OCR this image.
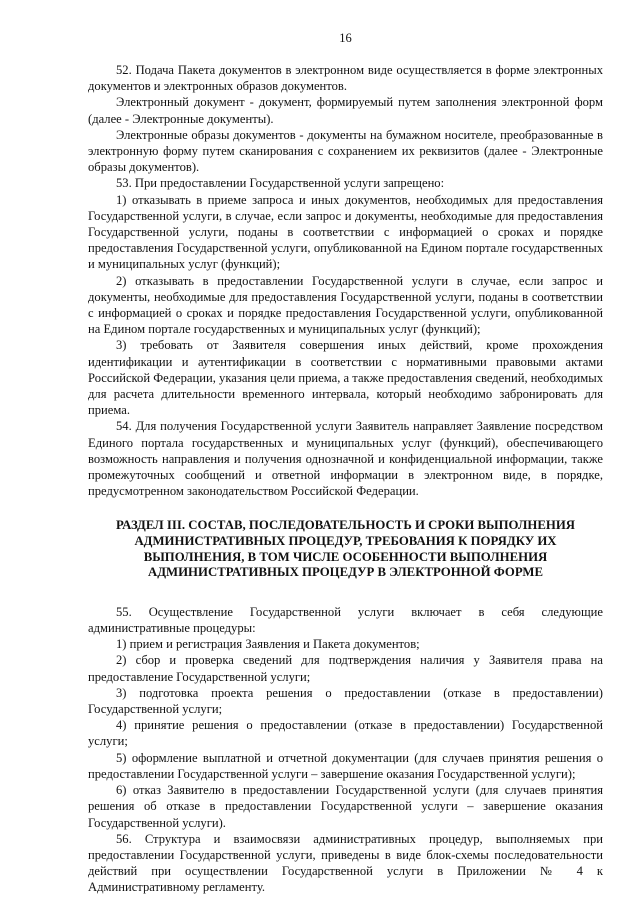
16

52. Подача Пакета документов в электронном виде осуществляется в форме электронных документов и электронных образов документов.

Электронный документ - документ, формируемый путем заполнения электронной форм (далее - Электронные документы).

Электронные образы документов - документы на бумажном носителе, преобразованные в электронную форму путем сканирования с сохранением их реквизитов (далее - Электронные образы документов).

53. При предоставлении Государственной услуги запрещено:

1) отказывать в приеме запроса и иных документов, необходимых для предоставления Государственной услуги, в случае, если запрос и документы, необходимые для предоставления Государственной услуги, поданы в соответствии с информацией о сроках и порядке предоставления Государственной услуги, опубликованной на Едином портале государственных и муниципальных услуг (функций);

2) отказывать в предоставлении Государственной услуги в случае, если запрос и документы, необходимые для предоставления Государственной услуги, поданы в соответствии с информацией о сроках и порядке предоставления Государственной услуги, опубликованной на Едином портале государственных и муниципальных услуг (функций);

3) требовать от Заявителя совершения иных действий, кроме прохождения идентификации и аутентификации в соответствии с нормативными правовыми актами Российской Федерации, указания цели приема, а также предоставления сведений, необходимых для расчета длительности временного интервала, который необходимо забронировать для приема.

54. Для получения Государственной услуги Заявитель направляет Заявление посредством Единого портала государственных и муниципальных услуг (функций), обеспечивающего возможность направления и получения однозначной и конфиденциальной информации, также промежуточных сообщений и ответной информации в электронном виде, в порядке, предусмотренном законодательством Российской Федерации.

РАЗДЕЛ III. СОСТАВ, ПОСЛЕДОВАТЕЛЬНОСТЬ И СРОКИ ВЫПОЛНЕНИЯ АДМИНИСТРАТИВНЫХ ПРОЦЕДУР, ТРЕБОВАНИЯ К ПОРЯДКУ ИХ ВЫПОЛНЕНИЯ, В ТОМ ЧИСЛЕ ОСОБЕННОСТИ ВЫПОЛНЕНИЯ АДМИНИСТРАТИВНЫХ ПРОЦЕДУР В ЭЛЕКТРОННОЙ ФОРМЕ

55. Осуществление Государственной услуги включает в себя следующие административные процедуры:

1) прием и регистрация Заявления и Пакета документов;

2) сбор и проверка сведений для подтверждения наличия у Заявителя права на предоставление Государственной услуги;

3) подготовка проекта решения о предоставлении (отказе в предоставлении) Государственной услуги;

4) принятие решения о предоставлении (отказе в предоставлении) Государственной услуги;

5) оформление выплатной и отчетной документации (для случаев принятия решения о предоставлении Государственной услуги – завершение оказания Государственной услуги);

6) отказ Заявителю в предоставлении Государственной услуги (для случаев принятия решения об отказе в предоставлении Государственной услуги – завершение оказания Государственной услуги).

56. Структура и взаимосвязи административных процедур, выполняемых при предоставлении Государственной услуги, приведены в виде блок-схемы последовательности действий при осуществлении Государственной услуги в Приложении № 4 к Административному регламенту.
